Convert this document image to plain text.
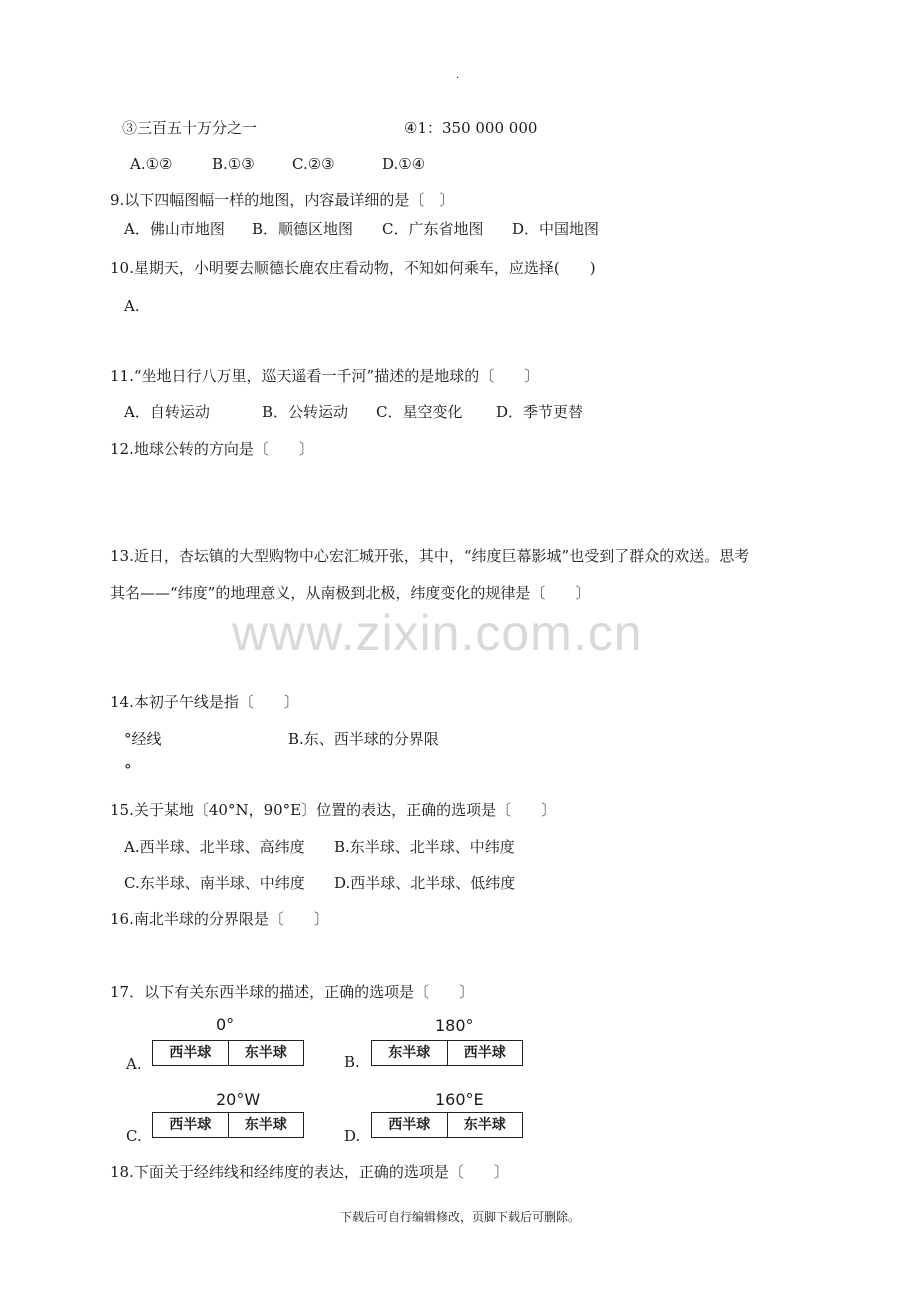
.
www.zixin.com.cn
③三百五十万分之一	④1：350 000 000
A.①②	B.①③ C.②③	D.①④
9.以下四幅图幅一样的地图，内容最详细的是〔　〕
A．佛山市地图 B．顺德区地图 C．广东省地图 D．中国地图
10.星期天，小明要去顺德长鹿农庄看动物，不知如何乘车，应选择(　　)
A.
11.“坐地日行八万里，巡天遥看一千河”描述的是地球的〔　　〕
A．自转运动	B．公转运动 C．星空变化 D．季节更替
12.地球公转的方向是〔　　〕
13.近日，杏坛镇的大型购物中心宏汇城开张，其中，“纬度巨幕影城”也受到了群众的欢送。思考
其名——“纬度”的地理意义，从南极到北极，纬度变化的规律是〔　　〕
14.本初子午线是指〔　　〕
°经线	B.东、西半球的分界限
°
15.关于某地〔40°N，90°E〕位置的表达，正确的选项是〔　　〕
A.西半球、北半球、高纬度 B.东半球、北半球、中纬度
C.东半球、南半球、中纬度 D.西半球、北半球、低纬度
16.南北半球的分界限是〔　　〕
17．以下有关东西半球的描述，正确的选项是〔　　〕
0°
西半球	东半球
A.
180°
东半球	西半球
B.
20°W
西半球	东半球
C.
160°E
西半球	东半球
D.
18.下面关于经纬线和经纬度的表达，正确的选项是〔　　〕
下载后可自行编辑修改，页脚下载后可删除。
